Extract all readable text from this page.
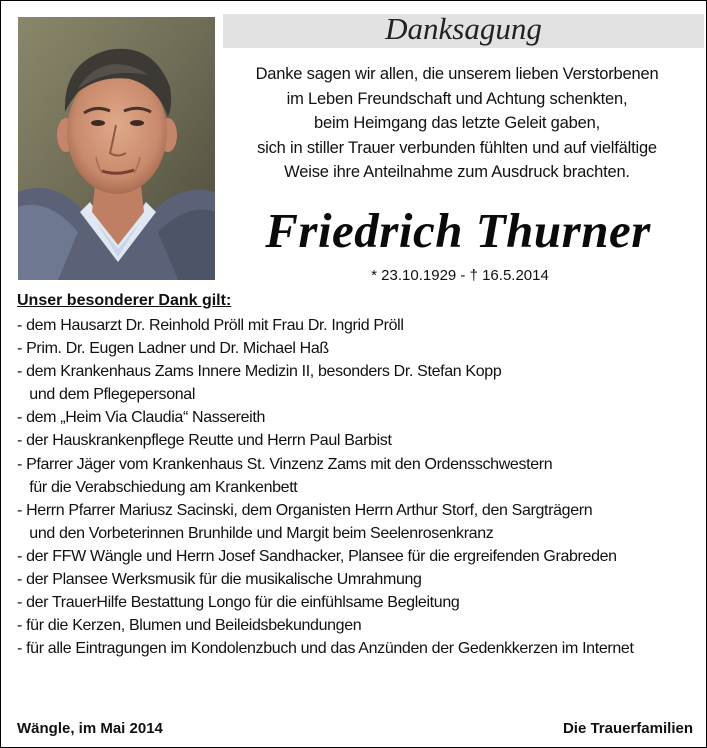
Danksagung
Danke sagen wir allen, die unserem lieben Verstorbenen
im Leben Freundschaft und Achtung schenkten,
beim Heimgang das letzte Geleit gaben,
sich in stiller Trauer verbunden fühlten und auf vielfältige
Weise ihre Anteilnahme zum Ausdruck brachten.
Friedrich Thurner
* 23.10.1929 - † 16.5.2014
Unser besonderer Dank gilt:
- dem Hausarzt Dr. Reinhold Pröll mit Frau Dr. Ingrid Pröll
- Prim. Dr. Eugen Ladner und Dr. Michael Haß
- dem Krankenhaus Zams Innere Medizin II, besonders Dr. Stefan Kopp
und dem Pflegepersonal
- dem „Heim Via Claudia“ Nassereith
- der Hauskrankenpflege Reutte und Herrn Paul Barbist
- Pfarrer Jäger vom Krankenhaus St. Vinzenz Zams mit den Ordensschwestern
für die Verabschiedung am Krankenbett
- Herrn Pfarrer Mariusz Sacinski, dem Organisten Herrn Arthur Storf, den Sargträgern
und den Vorbeterinnen Brunhilde und Margit beim Seelenrosenkranz
- der FFW Wängle und Herrn Josef Sandhacker, Plansee für die ergreifenden Grabreden
- der Plansee Werksmusik für die musikalische Umrahmung
- der TrauerHilfe Bestattung Longo für die einfühlsame Begleitung
- für die Kerzen, Blumen und Beileidsbekundungen
- für alle Eintragungen im Kondolenzbuch und das Anzünden der Gedenkkerzen im Internet
Wängle, im Mai 2014	Die Trauerfamilien
